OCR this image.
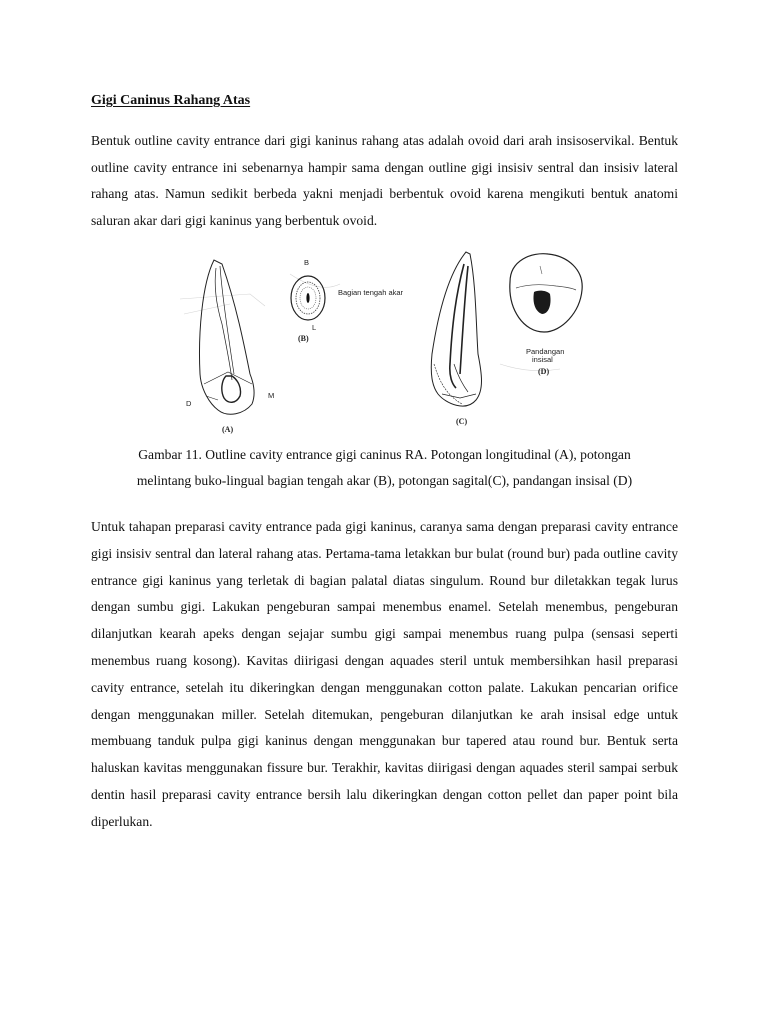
Gigi Caninus Rahang Atas

Bentuk outline cavity entrance dari gigi kaninus rahang atas adalah ovoid dari arah insisoservikal. Bentuk outline cavity entrance ini sebenarnya hampir sama dengan outline gigi insisiv sentral dan insisiv lateral rahang atas. Namun sedikit berbeda yakni menjadi berbentuk ovoid karena mengikuti bentuk anatomi saluran akar dari gigi kaninus yang berbentuk ovoid.

D
M
(A)
B
L
(B)
Bagian tengah akar
(C)
Pandangan
insisal
(D)

Gambar 11. Outline cavity entrance gigi caninus RA. Potongan longitudinal (A), potongan
melintang buko-lingual bagian tengah akar (B), potongan sagital(C), pandangan insisal (D)

Untuk tahapan preparasi cavity entrance pada gigi kaninus, caranya sama dengan preparasi cavity entrance gigi insisiv sentral dan lateral rahang atas. Pertama-tama letakkan bur bulat (round bur) pada outline cavity entrance gigi kaninus yang terletak di bagian palatal diatas singulum. Round bur diletakkan tegak lurus dengan sumbu gigi. Lakukan pengeburan sampai menembus enamel. Setelah menembus, pengeburan dilanjutkan kearah apeks dengan sejajar sumbu gigi sampai menembus ruang pulpa (sensasi seperti menembus ruang kosong). Kavitas diirigasi dengan aquades steril untuk membersihkan hasil preparasi cavity entrance, setelah itu dikeringkan dengan menggunakan cotton palate. Lakukan pencarian orifice dengan menggunakan miller. Setelah ditemukan, pengeburan dilanjutkan ke arah insisal edge untuk membuang tanduk pulpa gigi kaninus dengan menggunakan bur tapered atau round bur. Bentuk serta haluskan kavitas menggunakan fissure bur. Terakhir, kavitas diirigasi dengan aquades steril sampai serbuk dentin hasil preparasi cavity entrance bersih lalu dikeringkan dengan cotton pellet dan paper point bila diperlukan.
